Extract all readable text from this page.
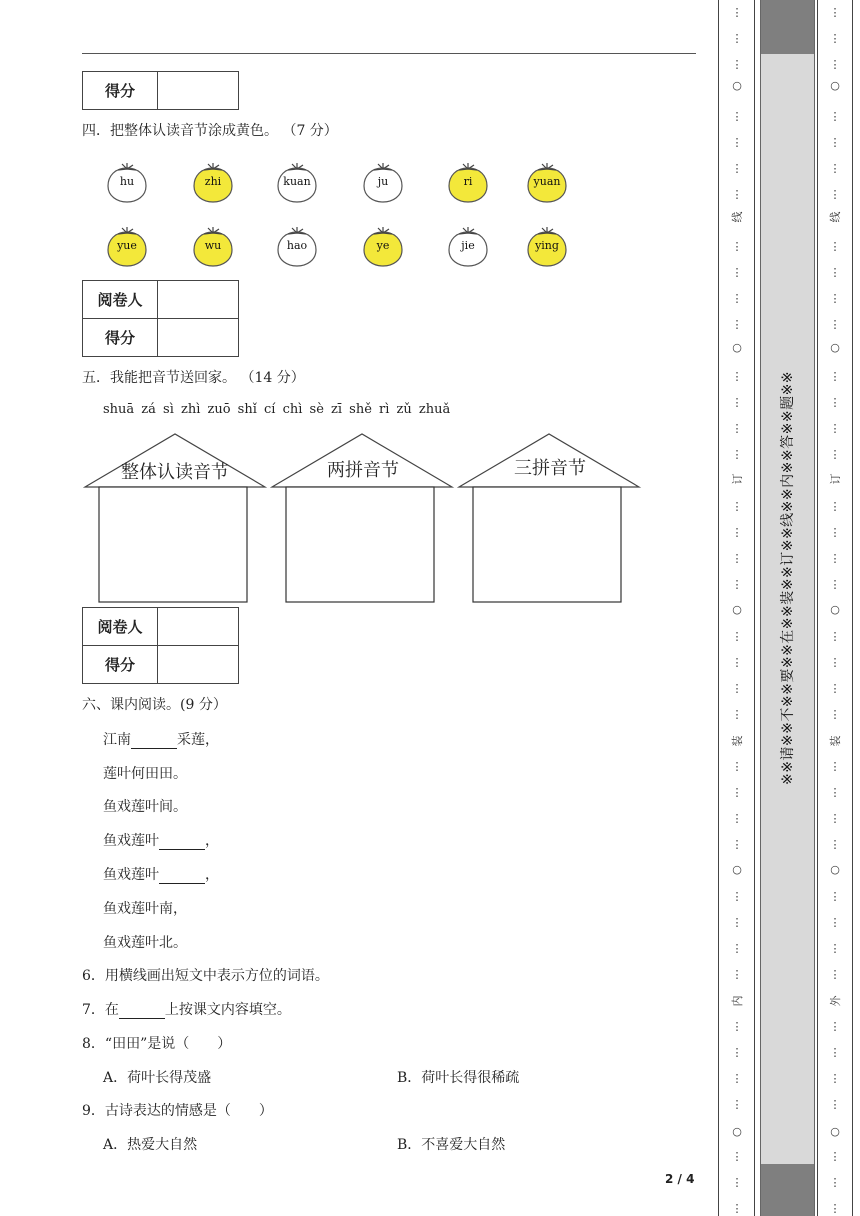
得分	
四．把整体认读音节涂成黄色。 （7 分）
hu	zhi	kuan	ju	ri	yuan
yue	wu	hao	ye	jie	ying
阅卷人	
得分	
五．我能把音节送回家。 （14 分）
shuā zá sì zhì zuō shǐ cí chì sè zī shě rì zǔ zhuǎ
整体认读音节	两拼音节	三拼音节
阅卷人	
得分	
六、课内阅读。(9 分）
江南	采莲，
莲叶何田田。
鱼戏莲叶间。
鱼戏莲叶	，
鱼戏莲叶	，
鱼戏莲叶南，
鱼戏莲叶北。
6．用横线画出短文中表示方位的词语。
7．在	上按课文内容填空。
8．“田田”是说（　　）
A．荷叶长得茂盛	B．荷叶长得很稀疏
9．古诗表达的情感是（　　）
A．热爱大自然	B．不喜爱大自然
2 / 4
⋮
⋮
⋮
⋮
⋮
⋮
⋮
⋮
⋮
⋮
⋮
⋮
⋮
⋮
⋮
⋮
⋮
⋮
⋮
⋮
⋮
⋮
⋮
⋮
⋮
⋮
⋮
⋮
⋮
⋮
⋮
⋮
⋮
⋮
⋮
⋮
⋮
⋮
○
○
○
○
○
线
订
装
内
※※请※※不※※要※※在※※装※※订※※线※※内※※答※※题※※
⋮
⋮
⋮
⋮
⋮
⋮
⋮
⋮
⋮
⋮
⋮
⋮
⋮
⋮
⋮
⋮
⋮
⋮
⋮
⋮
⋮
⋮
⋮
⋮
⋮
⋮
⋮
⋮
⋮
⋮
⋮
⋮
⋮
⋮
⋮
⋮
⋮
⋮
○
○
○
○
○
线
订
装
外
